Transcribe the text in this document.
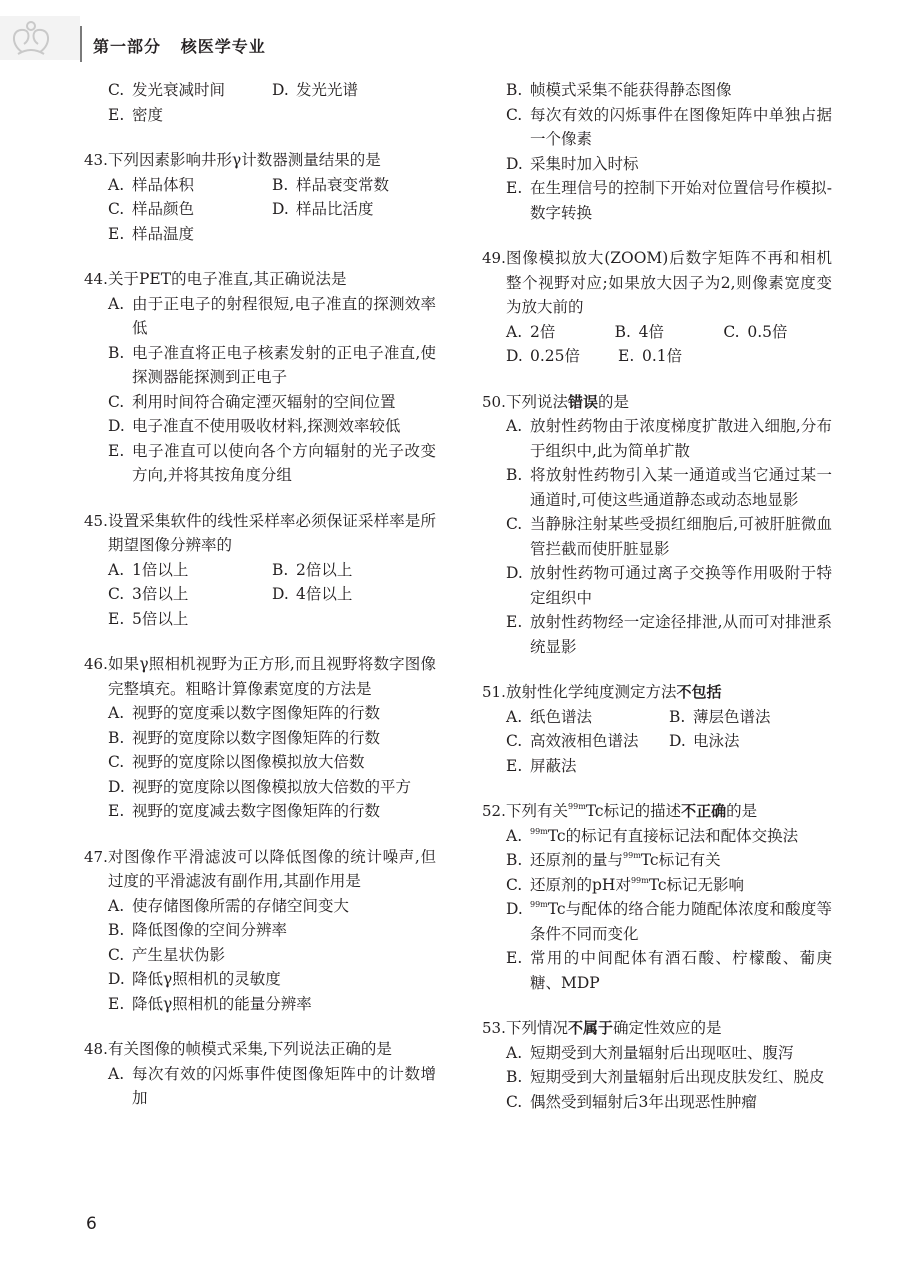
第一部分 核医学专业
C. 发光衰减时间	D. 发光光谱
E. 密度
43. 下列因素影响井形γ计数器测量结果的是
A. 样品体积	B. 样品衰变常数
C. 样品颜色	D. 样品比活度
E. 样品温度
44. 关于PET的电子准直,其正确说法是
A. 由于正电子的射程很短,电子准直的探测效率低
B. 电子准直将正电子核素发射的正电子准直,使探测器能探测到正电子
C. 利用时间符合确定湮灭辐射的空间位置
D. 电子准直不使用吸收材料,探测效率较低
E. 电子准直可以使向各个方向辐射的光子改变方向,并将其按角度分组
45. 设置采集软件的线性采样率必须保证采样率是所期望图像分辨率的
A. 1倍以上	B. 2倍以上
C. 3倍以上	D. 4倍以上
E. 5倍以上
46. 如果γ照相机视野为正方形,而且视野将数字图像完整填充。粗略计算像素宽度的方法是
A. 视野的宽度乘以数字图像矩阵的行数
B. 视野的宽度除以数字图像矩阵的行数
C. 视野的宽度除以图像模拟放大倍数
D. 视野的宽度除以图像模拟放大倍数的平方
E. 视野的宽度减去数字图像矩阵的行数
47. 对图像作平滑滤波可以降低图像的统计噪声,但过度的平滑滤波有副作用,其副作用是
A. 使存储图像所需的存储空间变大
B. 降低图像的空间分辨率
C. 产生星状伪影
D. 降低γ照相机的灵敏度
E. 降低γ照相机的能量分辨率
48. 有关图像的帧模式采集,下列说法正确的是
A. 每次有效的闪烁事件使图像矩阵中的计数增加
B. 帧模式采集不能获得静态图像
C. 每次有效的闪烁事件在图像矩阵中单独占据一个像素
D. 采集时加入时标
E. 在生理信号的控制下开始对位置信号作模拟-数字转换
49. 图像模拟放大(ZOOM)后数字矩阵不再和相机整个视野对应;如果放大因子为2,则像素宽度变为放大前的
A. 2倍	B. 4倍	C. 0.5倍
D. 0.25倍 E. 0.1倍
50. 下列说法错误的是
A. 放射性药物由于浓度梯度扩散进入细胞,分布于组织中,此为简单扩散
B. 将放射性药物引入某一通道或当它通过某一通道时,可使这些通道静态或动态地显影
C. 当静脉注射某些受损红细胞后,可被肝脏微血管拦截而使肝脏显影
D. 放射性药物可通过离子交换等作用吸附于特定组织中
E. 放射性药物经一定途径排泄,从而可对排泄系统显影
51. 放射性化学纯度测定方法不包括
A. 纸色谱法	B. 薄层色谱法
C. 高效液相色谱法 D. 电泳法
E. 屏蔽法
52. 下列有关$^{99m}$Tc标记的描述不正确的是
A. $^{99m}$Tc的标记有直接标记法和配体交换法
B. 还原剂的量与$^{99m}$Tc标记有关
C. 还原剂的pH对$^{99m}$Tc标记无影响
D. $^{99m}$Tc与配体的络合能力随配体浓度和酸度等条件不同而变化
E. 常用的中间配体有酒石酸、柠檬酸、葡庚糖、MDP
53. 下列情况不属于确定性效应的是
A. 短期受到大剂量辐射后出现呕吐、腹泻
B. 短期受到大剂量辐射后出现皮肤发红、脱皮
C. 偶然受到辐射后3年出现恶性肿瘤
6
